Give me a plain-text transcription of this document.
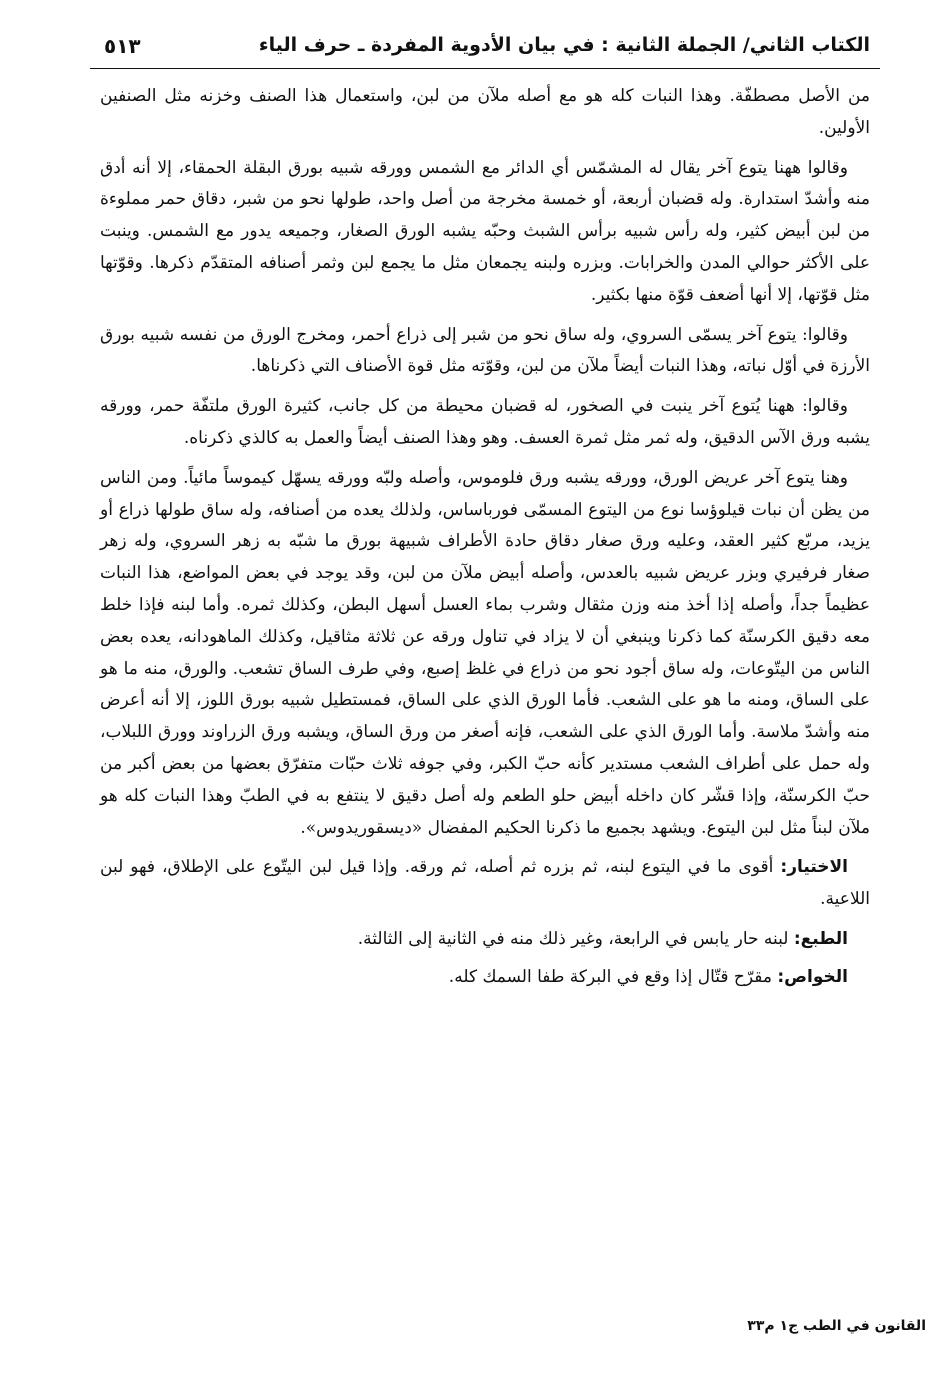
الكتاب الثاني/ الجملة الثانية : في بيان الأدوية المفردة ـ حرف الياء
٥١٣

من الأصل مصطفّة. وهذا النبات كله هو مع أصله ملآن من لبن، واستعمال هذا الصنف وخزنه مثل الصنفين الأولين.

وقالوا ههنا يتوع آخر يقال له المشمّس أي الدائر مع الشمس وورقه شبيه بورق البقلة الحمقاء، إلا أنه أدق منه وأشدّ استدارة. وله قضبان أربعة، أو خمسة مخرجة من أصل واحد، طولها نحو من شبر، دقاق حمر مملوءة من لبن أبيض كثير، وله رأس شبيه برأس الشبث وحبّه يشبه الورق الصغار، وجميعه يدور مع الشمس. وينبت على الأكثر حوالي المدن والخرابات. وبزره ولبنه يجمعان مثل ما يجمع لبن وثمر أصنافه المتقدّم ذكرها. وقوّتها مثل قوّتها، إلا أنها أضعف قوّة منها بكثير.

وقالوا: يتوع آخر يسمّى السروي، وله ساق نحو من شبر إلى ذراع أحمر، ومخرج الورق من نفسه شبيه بورق الأرزة في أوّل نباته، وهذا النبات أيضاً ملآن من لبن، وقوّته مثل قوة الأصناف التي ذكرناها.

وقالوا: ههنا يُتوع آخر ينبت في الصخور، له قضبان محيطة من كل جانب، كثيرة الورق ملتفّة حمر، وورقه يشبه ورق الآس الدقيق، وله ثمر مثل ثمرة العسف. وهو وهذا الصنف أيضاً والعمل به كالذي ذكرناه.

وهنا يتوع آخر عريض الورق، وورقه يشبه ورق فلوموس، وأصله ولبّه وورقه يسهّل كيموساً مائياً. ومن الناس من يظن أن نبات قيلوؤسا نوع من اليتوع المسمّى فورباساس، ولذلك يعده من أصنافه، وله ساق طولها ذراع أو يزيد، مربّع كثير العقد، وعليه ورق صغار دقاق حادة الأطراف شبيهة بورق ما شبّه به زهر السروي، وله زهر صغار فرفيري وبزر عريض شبيه بالعدس، وأصله أبيض ملآن من لبن، وقد يوجد في بعض المواضع، هذا النبات عظيماً جداً، وأصله إذا أخذ منه وزن مثقال وشرب بماء العسل أسهل البطن، وكذلك ثمره. وأما لبنه فإذا خلط معه دقيق الكرسنّة كما ذكرنا وينبغي أن لا يزاد في تناول ورقه عن ثلاثة مثاقيل، وكذلك الماهودانه، يعده بعض الناس من اليتّوعات، وله ساق أجود نحو من ذراع في غلظ إصبع، وفي طرف الساق تشعب. والورق، منه ما هو على الساق، ومنه ما هو على الشعب. فأما الورق الذي على الساق، فمستطيل شبيه بورق اللوز، إلا أنه أعرض منه وأشدّ ملاسة. وأما الورق الذي على الشعب، فإنه أصغر من ورق الساق، ويشبه ورق الزراوند وورق اللبلاب، وله حمل على أطراف الشعب مستدير كأنه حبّ الكبر، وفي جوفه ثلاث حبّات متفرّق بعضها من بعض أكبر من حبّ الكرسنّة، وإذا قشّر كان داخله أبيض حلو الطعم وله أصل دقيق لا ينتفع به في الطبّ وهذا النبات كله هو ملآن لبناً مثل لبن اليتوع. ويشهد بجميع ما ذكرنا الحكيم المفضال «ديسقوريدوس».

الاختيار: أقوى ما في اليتوع لبنه، ثم بزره ثم أصله، ثم ورقه. وإذا قيل لبن اليتّوع على الإطلاق، فهو لبن اللاعية.

الطبع: لبنه حار يابس في الرابعة، وغير ذلك منه في الثانية إلى الثالثة.

الخواص: مقرّح قتّال إذا وقع في البركة طفا السمك كله.

القانون في الطب ج١ م٣٣
